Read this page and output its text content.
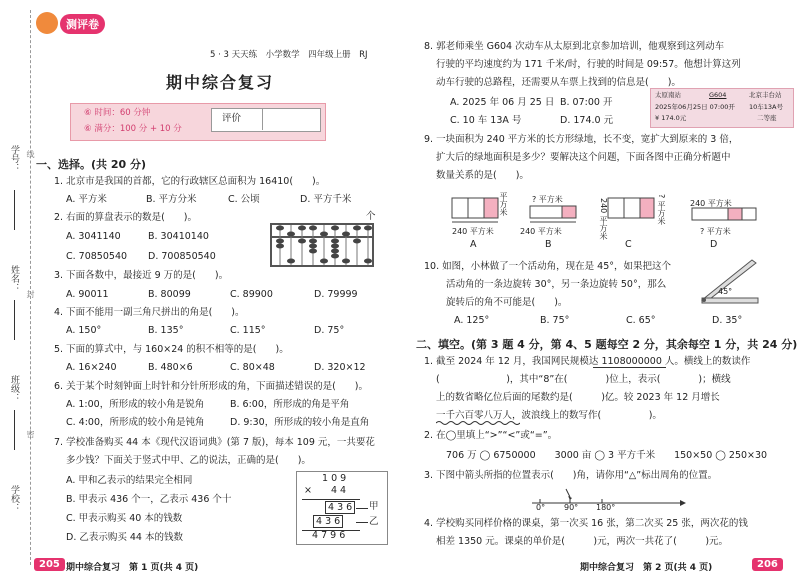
学号：
姓名：
班级：
学校：
线
封
密
测评卷
5 · 3 天天练　小学数学　四年级上册　RJ
期中综合复习
⑥ 时间：60 分钟
⑥ 满分：100 分 + 10 分
评价
一、选择。(共 20 分)
1. 北京市是我国的首都，它的行政辖区总面积为 16410(　　)。
A. 平方米	B. 平方分米	C. 公顷	D. 平方千米
2. 右面的算盘表示的数是(　　)。
A. 3041140	B. 30410140
C. 70850540 D. 700850540
个
3. 下面各数中，最接近 9 万的是(　　)。
A. 90011	B. 80099	C. 89900	D. 79999
4. 下面不能用一副三角尺拼出的角是(　　)。
A. 150°	B. 135°	C. 115°	D. 75°
5. 下面的算式中，与 160×24 的积不相等的是(　　)。
A. 16×240	B. 480×6	C. 80×48	D. 320×12
6. 关于某个时刻钟面上时针和分针所形成的角，下面描述错误的是(　　)。
A. 1:00，所形成的较小角是锐角	B. 6:00，所形成的角是平角
C. 4:00，所形成的较小角是钝角	D. 9:30，所形成的较小角是直角
7. 学校准备购买 44 本《现代汉语词典》(第 7 版)，每本 109 元，一共要花
多少钱？下面关于竖式中甲、乙的说法，正确的是(　　)。
A. 甲和乙表示的结果完全相同
B. 甲表示 436 个一，乙表示 436 个十
C. 甲表示购买 40 本的钱数
D. 乙表示购买 44 本的钱数
1 0 9
×　　4 4
4 3 6
4 3 6
4 7 9 6
甲
乙
8. 郭老师乘坐 G604 次动车从太原到北京参加培训，他观察到这列动车
行驶的平均速度约为 171 千米/时，行驶的时间是 09:57。他想计算这列
动车行驶的总路程，还需要从车票上找到的信息是(　　)。
A. 2025 年 06 月 25 日 B. 07:00 开
C. 10 车 13A 号	D. 174.0 元
太原南站	G604	北京丰台站
2025年06月25日 07:00开 10车13A号
¥ 174.0元	二等座
9. 一块面积为 240 平方米的长方形绿地，长不变，宽扩大到原来的 3 倍，
扩大后的绿地面积是多少？要解决这个问题，下面各图中正确分析题中
数量关系的是(　　)。
240 平方米
平方米	? 平方米
240 平方米	240 平方米	? 平方米	240 平方米
? 平方米
A	B	C	D
10. 如图，小林做了一个活动角，现在是 45°，如果把这个
活动角的一条边旋转 30°，另一条边旋转 50°，那么
旋转后的角不可能是(　　)。
A. 125°	B. 75°	C. 65°	D. 35°
45°
二、填空。(第 3 题 4 分，第 4、5 题每空 2 分，其余每空 1 分，共 24 分)
1. 截至 2024 年 12 月，我国网民规模达 1108000000 人。横线上的数读作
(　　　　　　　)，其中“8”在(　　　　)位上，表示(　　　　)；横线
上的数省略亿位后面的尾数约是(　　　)亿。较 2023 年 12 月增长
一千六百零八万人，波浪线上的数写作(　　　　　)。
2. 在◯里填上“>”“<”或“=”。
706 万 ◯ 6750000　　3000 亩 ◯ 3 平方千米　　150×50 ◯ 250×30
3. 下图中箭头所指的位置表示(　　)角，请你用“△”标出周角的位置。
0° 90° 180°
4. 学校购买同样价格的课桌，第一次买 16 张，第二次买 25 张，两次花的钱
相差 1350 元。课桌的单价是(　　　)元，两次一共花了(　　　)元。
205 期中综合复习　第 1 页(共 4 页)	期中综合复习　第 2 页(共 4 页)	206
